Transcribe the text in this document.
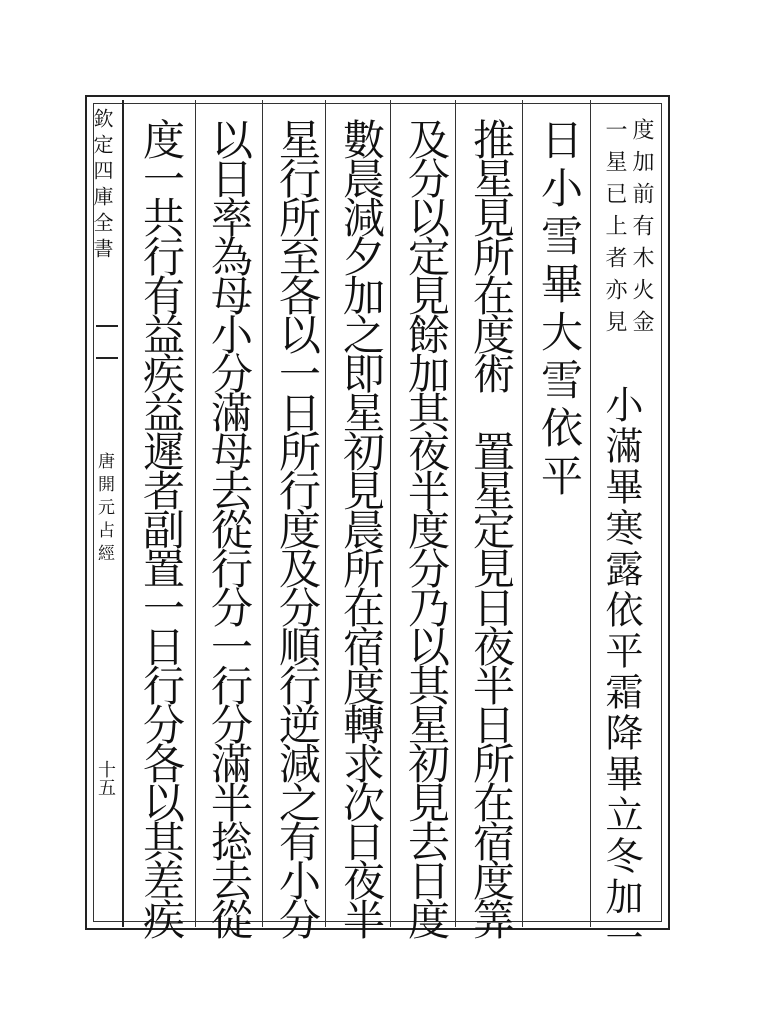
欽定四庫全書
唐開元占經
十五
度加前有木火金
一星已上者亦見
小滿畢寒露依平霜降畢立冬加一
日小雪畢大雪依平
推星見所在度術　置星定見日夜半日所在宿度筭
及分以定見餘加其夜半度分乃以其星初見去日度
數晨減夕加之即星初見晨所在宿度轉求次日夜半
星行所至各以一日所行度及分順行逆減之有小分
以日率為母小分滿母去從行分一行分滿半捴去從
度一共行有益疾益遲者副置一日行分各以其差疾
